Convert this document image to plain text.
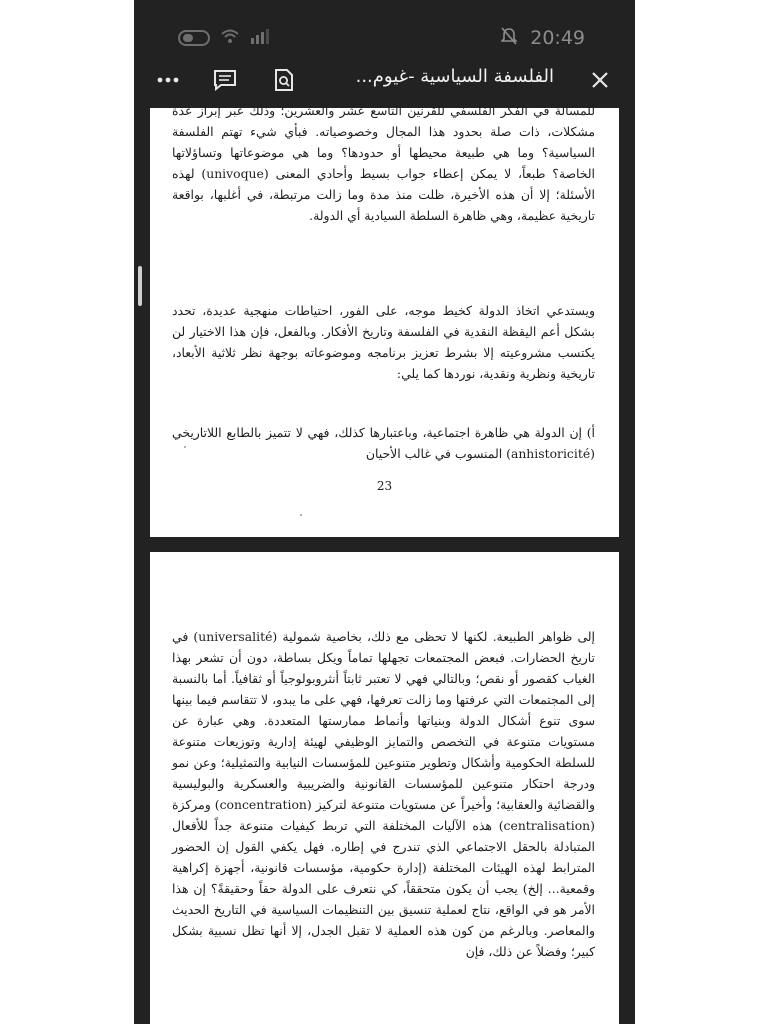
20:49
الفلسفة السياسية -غيوم...

للمسألة في الفكر الفلسفي للقرنين التاسع عشر والعشرين؛ وذلك عبر إبراز عدة مشكلات، ذات صلة بحدود هذا المجال وخصوصياته. فبأي شيء تهتم الفلسفة السياسية؟ وما هي طبيعة محيطها أو حدودها؟ وما هي موضوعاتها وتساؤلاتها الخاصة؟ طبعاً، لا يمكن إعطاء جواب بسيط وأحادي المعنى (univoque) لهذه الأسئلة؛ إلا أن هذه الأخيرة، ظلت منذ مدة وما زالت مرتبطة، في أغلبها، بواقعة تاريخية عظيمة، وهي ظاهرة السلطة السيادية أي الدولة.

ويستدعي اتخاذ الدولة كخيط موجه، على الفور، احتياطات منهجية عديدة، تحدد بشكل أعم اليقظة النقدية في الفلسفة وتاريخ الأفكار. وبالفعل، فإن هذا الاختيار لن يكتسب مشروعيته إلا بشرط تعزيز برنامجه وموضوعاته بوجهة نظر ثلاثية الأبعاد، تاريخية ونظرية ونقدية، نوردها كما يلي:

أ) إن الدولة هي ظاهرة اجتماعية، وباعتبارها كذلك، فهي لا تتميز بالطابع اللاتاريخي (anhistoricité) المنسوب في غالب الأحيان

23

إلى ظواهر الطبيعة. لكنها لا تحظى مع ذلك، بخاصية شمولية (universalité) في تاريخ الحضارات. فبعض المجتمعات تجهلها تماماً ويكل بساطة، دون أن تشعر بهذا الغياب كقصور أو نقص؛ وبالتالي فهي لا تعتبر ثابتاً أنثروبولوجياً أو ثقافياً. أما بالنسبة إلى المجتمعات التي عرفتها وما زالت تعرفها، فهي على ما يبدو، لا تتقاسم فيما بينها سوى تنوع أشكال الدولة وبنياتها وأنماط ممارستها المتعددة. وهي عبارة عن مستويات متنوعة في التخصص والتمايز الوظيفي لهيئة إدارية وتوزيعات متنوعة للسلطة الحكومية وأشكال وتطوير متنوعين للمؤسسات النيابية والتمثيلية؛ وعن نمو ودرجة احتكار متنوعين للمؤسسات القانونية والضريبية والعسكرية والبوليسية والقضائية والعقابية؛ وأخيراً عن مستويات متنوعة لتركيز (concentration) ومركزة (centralisation) هذه الآليات المختلفة التي تربط كيفيات متنوعة جداً للأفعال المتبادلة بالحقل الاجتماعي الذي تندرج في إطاره. فهل يكفي القول إن الحضور المترابط لهذه الهيئات المختلفة (إدارة حكومية، مؤسسات قانونية، أجهزة إكراهية وقمعية... إلخ) يجب أن يكون متحققاً، كي نتعرف على الدولة حقاً وحقيقةً؟ إن هذا الأمر هو في الواقع، نتاج لعملية تنسيق بين التنظيمات السياسية في التاريخ الحديث والمعاصر. وبالرغم من كون هذه العملية لا تقبل الجدل، إلا أنها تظل نسبية بشكل كبير؛ وفضلاً عن ذلك، فإن
